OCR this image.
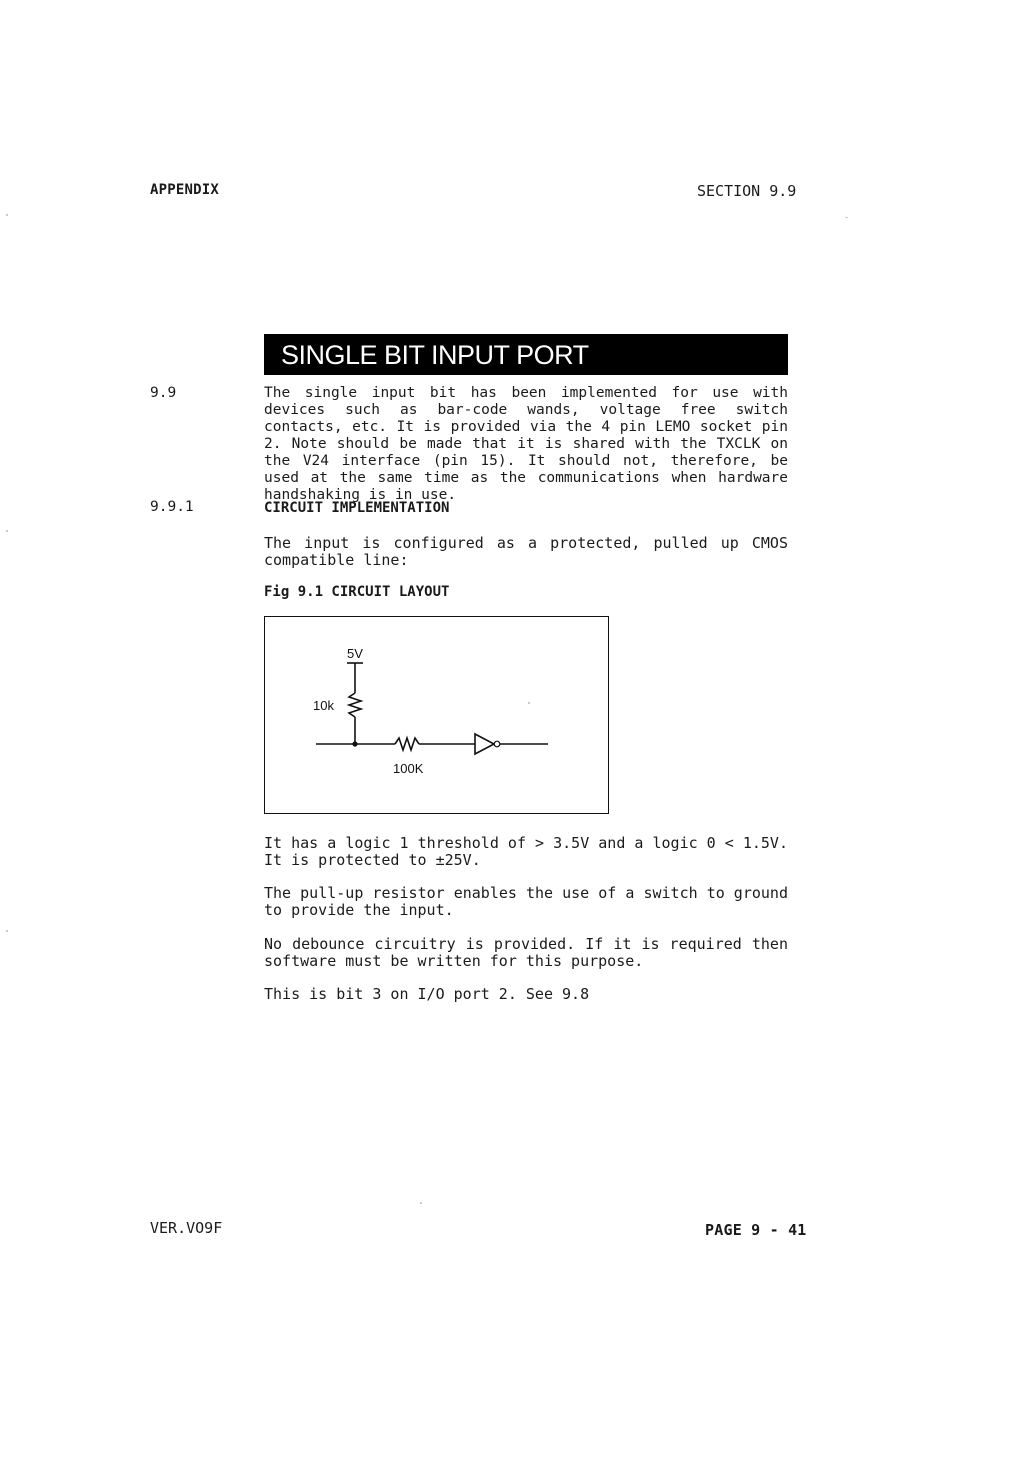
APPENDIX	SECTION 9.9
SINGLE BIT INPUT PORT
9.9	The single input bit has been implemented for use with devices such as bar-code wands, voltage free switch contacts, etc. It is provided via the 4 pin LEMO socket pin 2. Note should be made that it is shared with the TXCLK on the V24 interface (pin 15). It should not, therefore, be used at the same time as the communications when hardware handshaking is in use.
9.9.1	CIRCUIT IMPLEMENTATION
The input is configured as a protected, pulled up CMOS compatible line:
Fig 9.1 CIRCUIT LAYOUT
5V
10k
100K
It has a logic 1 threshold of > 3.5V and a logic 0 < 1.5V. It is protected to ±25V.
The pull-up resistor enables the use of a switch to ground to provide the input.
No debounce circuitry is provided. If it is required then software must be written for this purpose.
This is bit 3 on I/O port 2. See 9.8
VER.VO9F	PAGE 9 - 41
